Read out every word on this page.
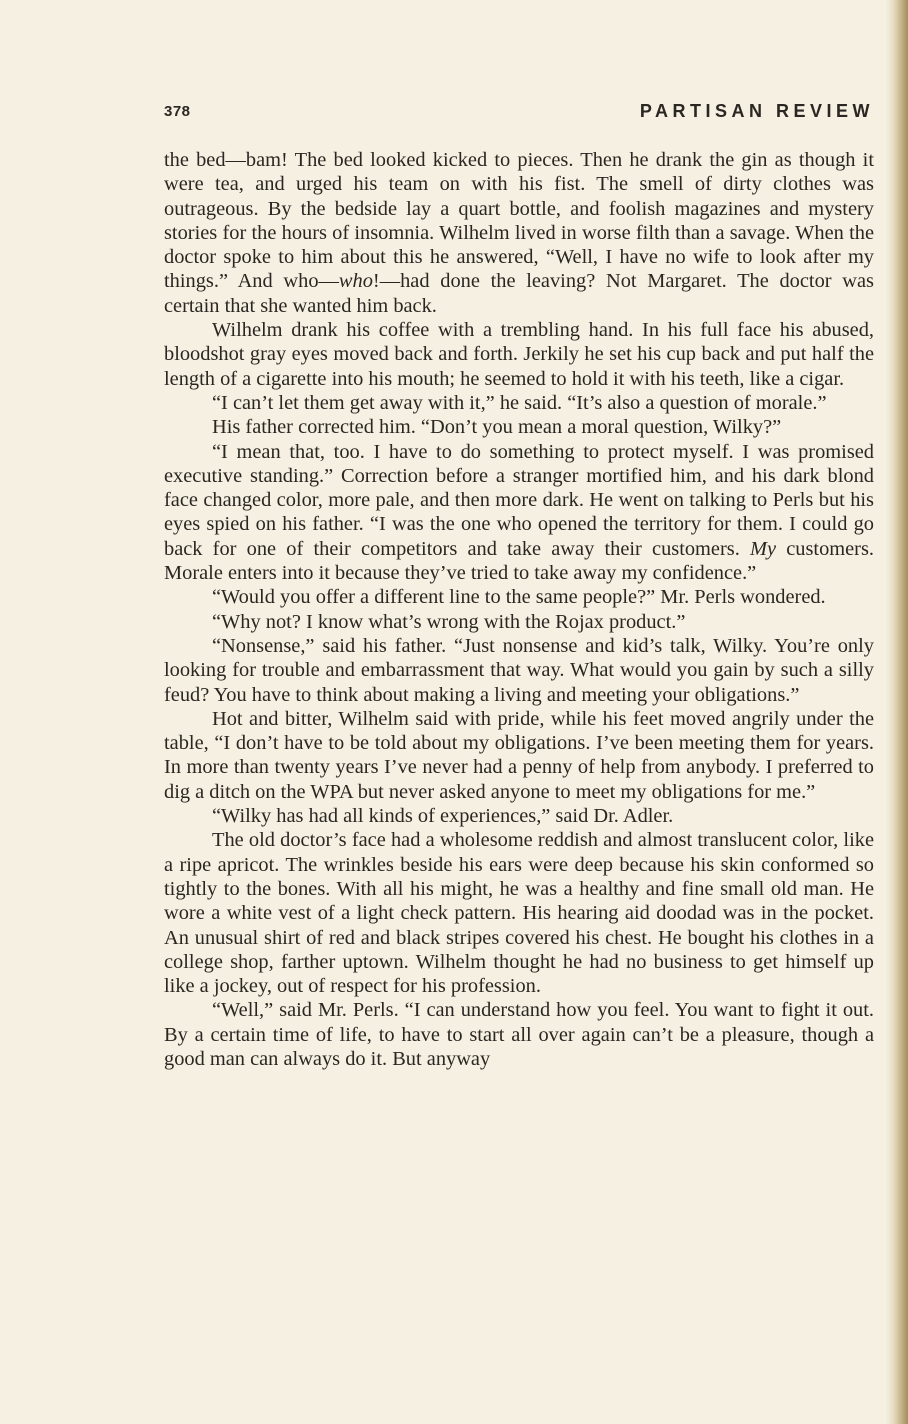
378	PARTISAN REVIEW

the bed—bam! The bed looked kicked to pieces. Then he drank the gin as though it were tea, and urged his team on with his fist. The smell of dirty clothes was outrageous. By the bedside lay a quart bottle, and foolish magazines and mystery stories for the hours of insomnia. Wilhelm lived in worse filth than a savage. When the doctor spoke to him about this he answered, “Well, I have no wife to look after my things.” And who—who!—had done the leaving? Not Margaret. The doctor was certain that she wanted him back.

Wilhelm drank his coffee with a trembling hand. In his full face his abused, bloodshot gray eyes moved back and forth. Jerkily he set his cup back and put half the length of a cigarette into his mouth; he seemed to hold it with his teeth, like a cigar.

“I can’t let them get away with it,” he said. “It’s also a question of morale.”

His father corrected him. “Don’t you mean a moral question, Wilky?”

“I mean that, too. I have to do something to protect myself. I was promised executive standing.” Correction before a stranger mortified him, and his dark blond face changed color, more pale, and then more dark. He went on talking to Perls but his eyes spied on his father. “I was the one who opened the territory for them. I could go back for one of their competitors and take away their customers. My customers. Morale enters into it because they’ve tried to take away my confidence.”

“Would you offer a different line to the same people?” Mr. Perls wondered.

“Why not? I know what’s wrong with the Rojax product.”

“Nonsense,” said his father. “Just nonsense and kid’s talk, Wilky. You’re only looking for trouble and embarrassment that way. What would you gain by such a silly feud? You have to think about making a living and meeting your obligations.”

Hot and bitter, Wilhelm said with pride, while his feet moved angrily under the table, “I don’t have to be told about my obligations. I’ve been meeting them for years. In more than twenty years I’ve never had a penny of help from anybody. I preferred to dig a ditch on the WPA but never asked anyone to meet my obligations for me.”

“Wilky has had all kinds of experiences,” said Dr. Adler.

The old doctor’s face had a wholesome reddish and almost translucent color, like a ripe apricot. The wrinkles beside his ears were deep because his skin conformed so tightly to the bones. With all his might, he was a healthy and fine small old man. He wore a white vest of a light check pattern. His hearing aid doodad was in the pocket. An unusual shirt of red and black stripes covered his chest. He bought his clothes in a college shop, farther uptown. Wilhelm thought he had no business to get himself up like a jockey, out of respect for his profession.

“Well,” said Mr. Perls. “I can understand how you feel. You want to fight it out. By a certain time of life, to have to start all over again can’t be a pleasure, though a good man can always do it. But anyway
